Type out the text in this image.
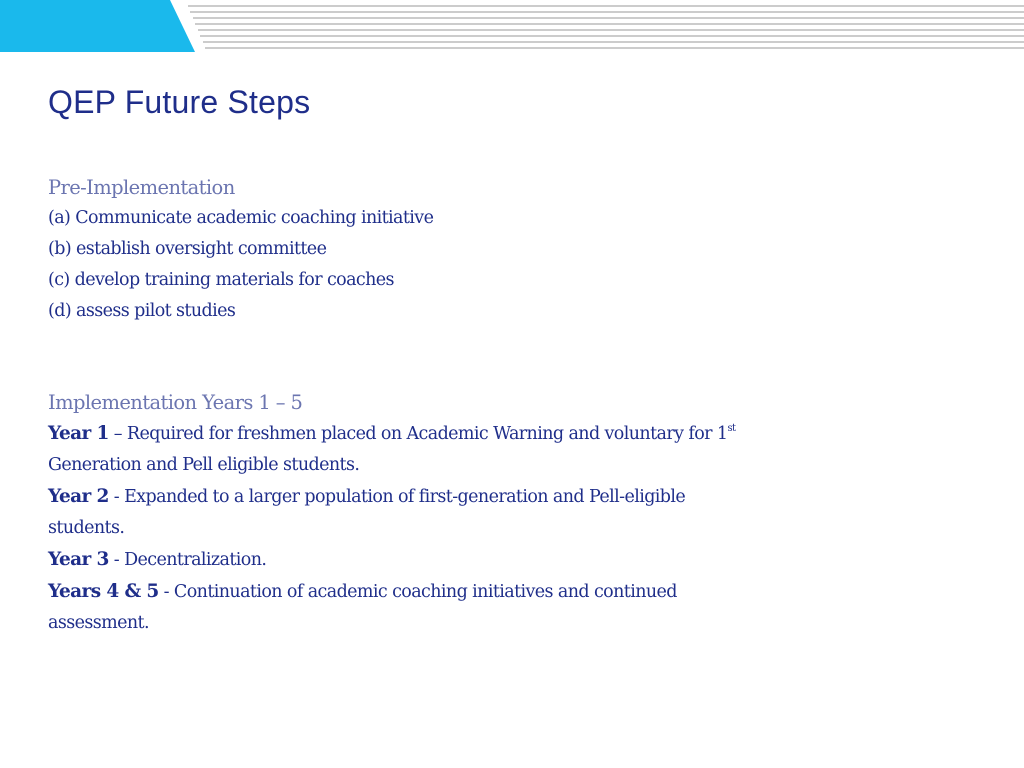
QEP Future Steps

Pre-Implementation

(a) Communicate academic coaching initiative

(b) establish oversight committee

(c) develop training materials for coaches

(d) assess pilot studies

Implementation Years 1 – 5

Year 1 – Required for freshmen placed on Academic Warning and voluntary for 1st

Generation and Pell eligible students.

Year 2 - Expanded to a larger population of first-generation and Pell-eligible

students.

Year 3 - Decentralization.

Years 4 & 5 - Continuation of academic coaching initiatives and continued

assessment.
